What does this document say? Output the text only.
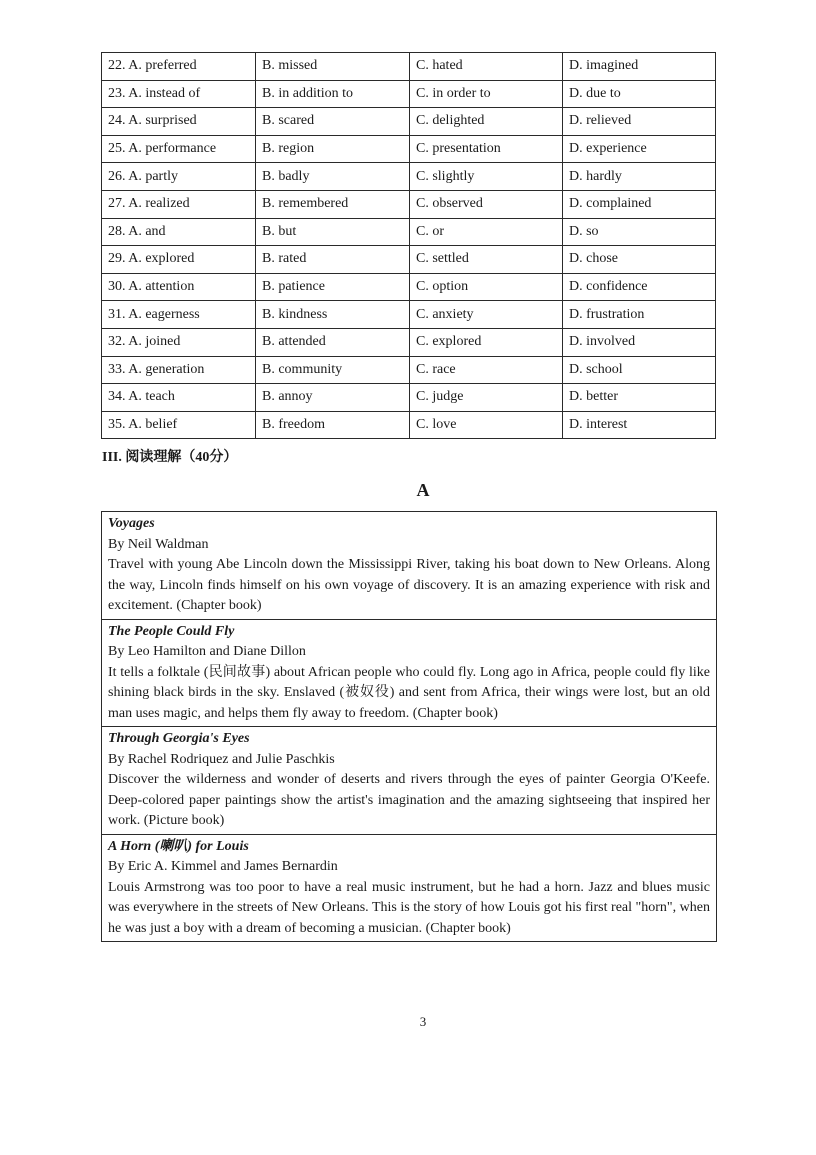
22. A. preferred	B. missed	C. hated	D. imagined
23. A. instead of	B. in addition to	C. in order to	D. due to
24. A. surprised	B. scared	C. delighted	D. relieved
25. A. performance	B. region	C. presentation	D. experience
26. A. partly	B. badly	C. slightly	D. hardly
27. A. realized	B. remembered	C. observed	D. complained
28. A. and	B. but	C. or	D. so
29. A. explored	B. rated	C. settled	D. chose
30. A. attention	B. patience	C. option	D. confidence
31. A. eagerness	B. kindness	C. anxiety	D. frustration
32. A. joined	B. attended	C. explored	D. involved
33. A. generation	B. community	C. race	D. school
34. A. teach	B. annoy	C. judge	D. better
35. A. belief	B. freedom	C. love	D. interest
III. 阅读理解（40分）
A
Voyages
By Neil Waldman
Travel with young Abe Lincoln down the Mississippi River, taking his boat down to New Orleans. Along the way, Lincoln finds himself on his own voyage of discovery. It is an amazing experience with risk and excitement. (Chapter book)
The People Could Fly
By Leo Hamilton and Diane Dillon
It tells a folktale (民间故事) about African people who could fly. Long ago in Africa, people could fly like shining black birds in the sky. Enslaved (被奴役) and sent from Africa, their wings were lost, but an old man uses magic, and helps them fly away to freedom. (Chapter book)
Through Georgia's Eyes
By Rachel Rodriquez and Julie Paschkis
Discover the wilderness and wonder of deserts and rivers through the eyes of painter Georgia O'Keefe. Deep-colored paper paintings show the artist's imagination and the amazing sightseeing that inspired her work. (Picture book)
A Horn (喇叭) for Louis
By Eric A. Kimmel and James Bernardin
Louis Armstrong was too poor to have a real music instrument, but he had a horn. Jazz and blues music was everywhere in the streets of New Orleans. This is the story of how Louis got his first real "horn", when he was just a boy with a dream of becoming a musician. (Chapter book)
3
